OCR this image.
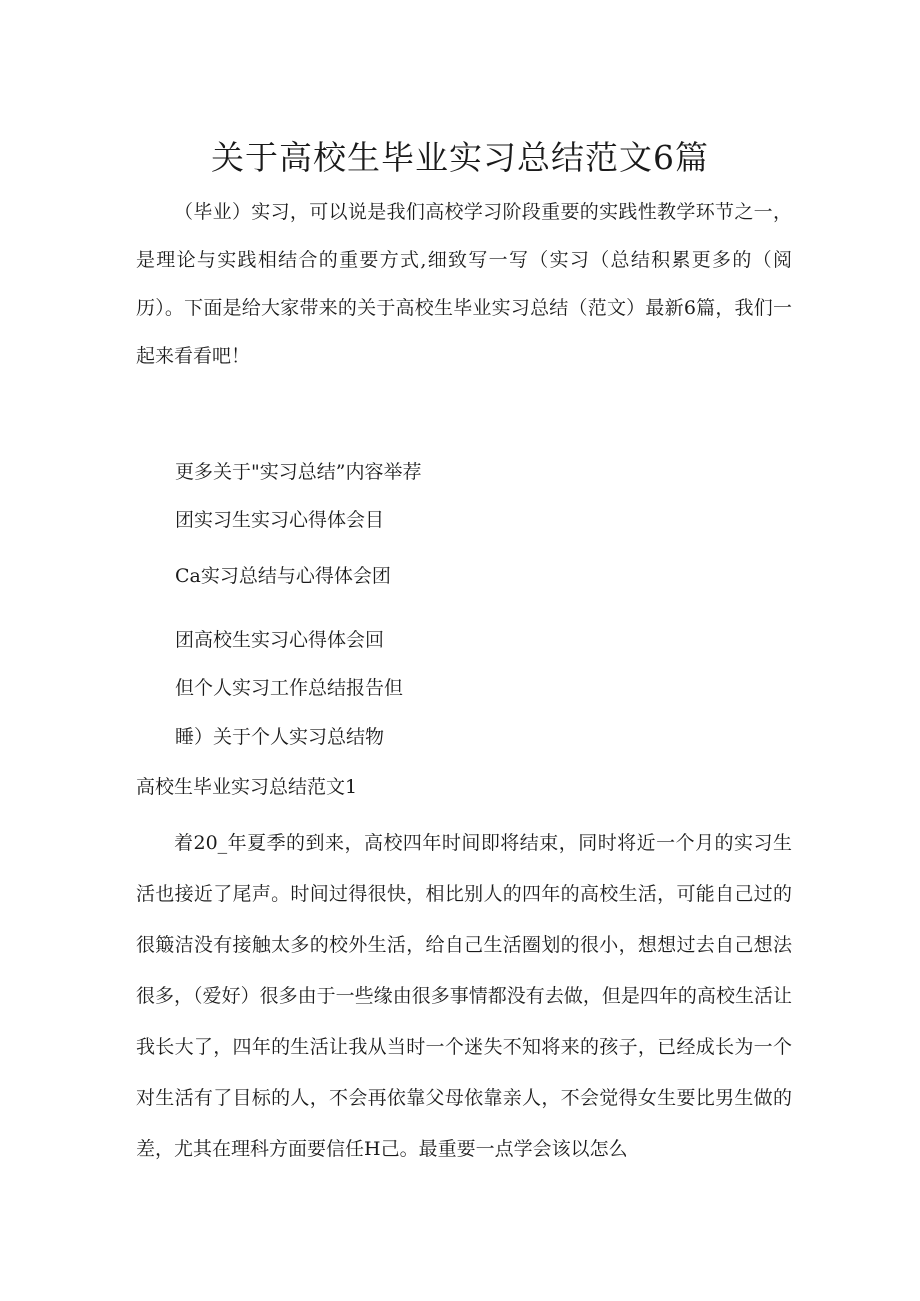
关于高校生毕业实习总结范文6篇

（毕业）实习，可以说是我们高校学习阶段重要的实践性教学环节之一，是理论与实践相结合的重要方式,细致写一写（实习（总结积累更多的（阅历）。下面是给大家带来的关于高校生毕业实习总结（范文）最新6篇，我们一起来看看吧！

更多关于"实习总结”内容举荐

团实习生实习心得体会目

Ca实习总结与心得体会团

团高校生实习心得体会回

但个人实习工作总结报告但

睡）关于个人实习总结物

高校生毕业实习总结范文1

着20_年夏季的到来，高校四年时间即将结束，同时将近一个月的实习生活也接近了尾声。时间过得很快，相比别人的四年的高校生活，可能自己过的很簸洁没有接触太多的校外生活，给自己生活圈划的很小，想想过去自己想法很多，（爱好）很多由于一些缘由很多事情都没有去做，但是四年的高校生活让我长大了，四年的生活让我从当时一个迷失不知将来的孩子，已经成长为一个对生活有了目标的人，不会再依靠父母依靠亲人，不会觉得女生要比男生做的差，尤其在理科方面要信任H己。最重要一点学会该以怎么
